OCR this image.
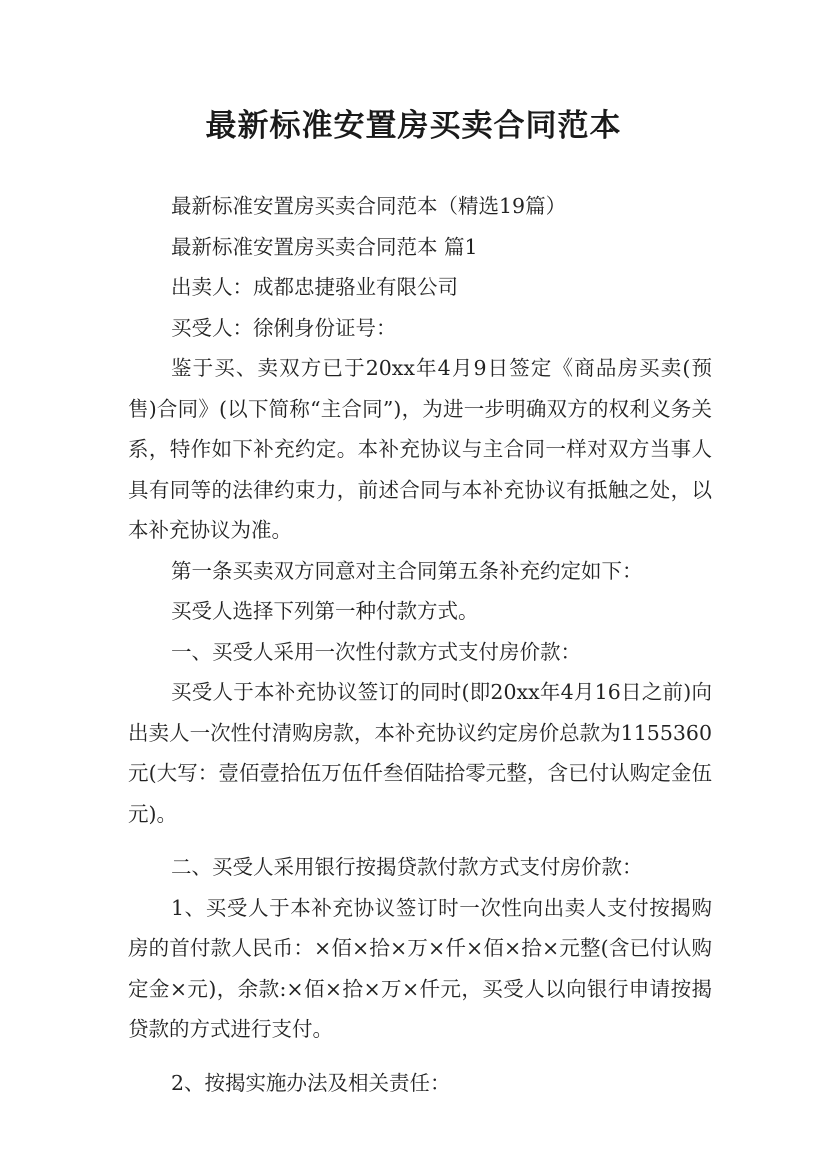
最新标准安置房买卖合同范本

最新标准安置房买卖合同范本（精选19篇）

最新标准安置房买卖合同范本 篇1

出卖人：成都忠捷骆业有限公司

买受人：徐俐身份证号：

鉴于买、卖双方已于20xx年4月9日签定《商品房买卖(预售)合同》(以下简称“主合同”)，为进一步明确双方的权利义务关系，特作如下补充约定。本补充协议与主合同一样对双方当事人具有同等的法律约束力，前述合同与本补充协议有抵触之处，以本补充协议为准。

第一条买卖双方同意对主合同第五条补充约定如下：

买受人选择下列第一种付款方式。

一、买受人采用一次性付款方式支付房价款：

买受人于本补充协议签订的同时(即20xx年4月16日之前)向出卖人一次性付清购房款，本补充协议约定房价总款为1155360元(大写：壹佰壹拾伍万伍仟叁佰陆拾零元整，含已付认购定金伍元)。

二、买受人采用银行按揭贷款付款方式支付房价款：

1、买受人于本补充协议签订时一次性向出卖人支付按揭购房的首付款人民币：×佰×拾×万×仟×佰×拾×元整(含已付认购定金×元)，余款:×佰×拾×万×仟元，买受人以向银行申请按揭贷款的方式进行支付。

2、按揭实施办法及相关责任：
